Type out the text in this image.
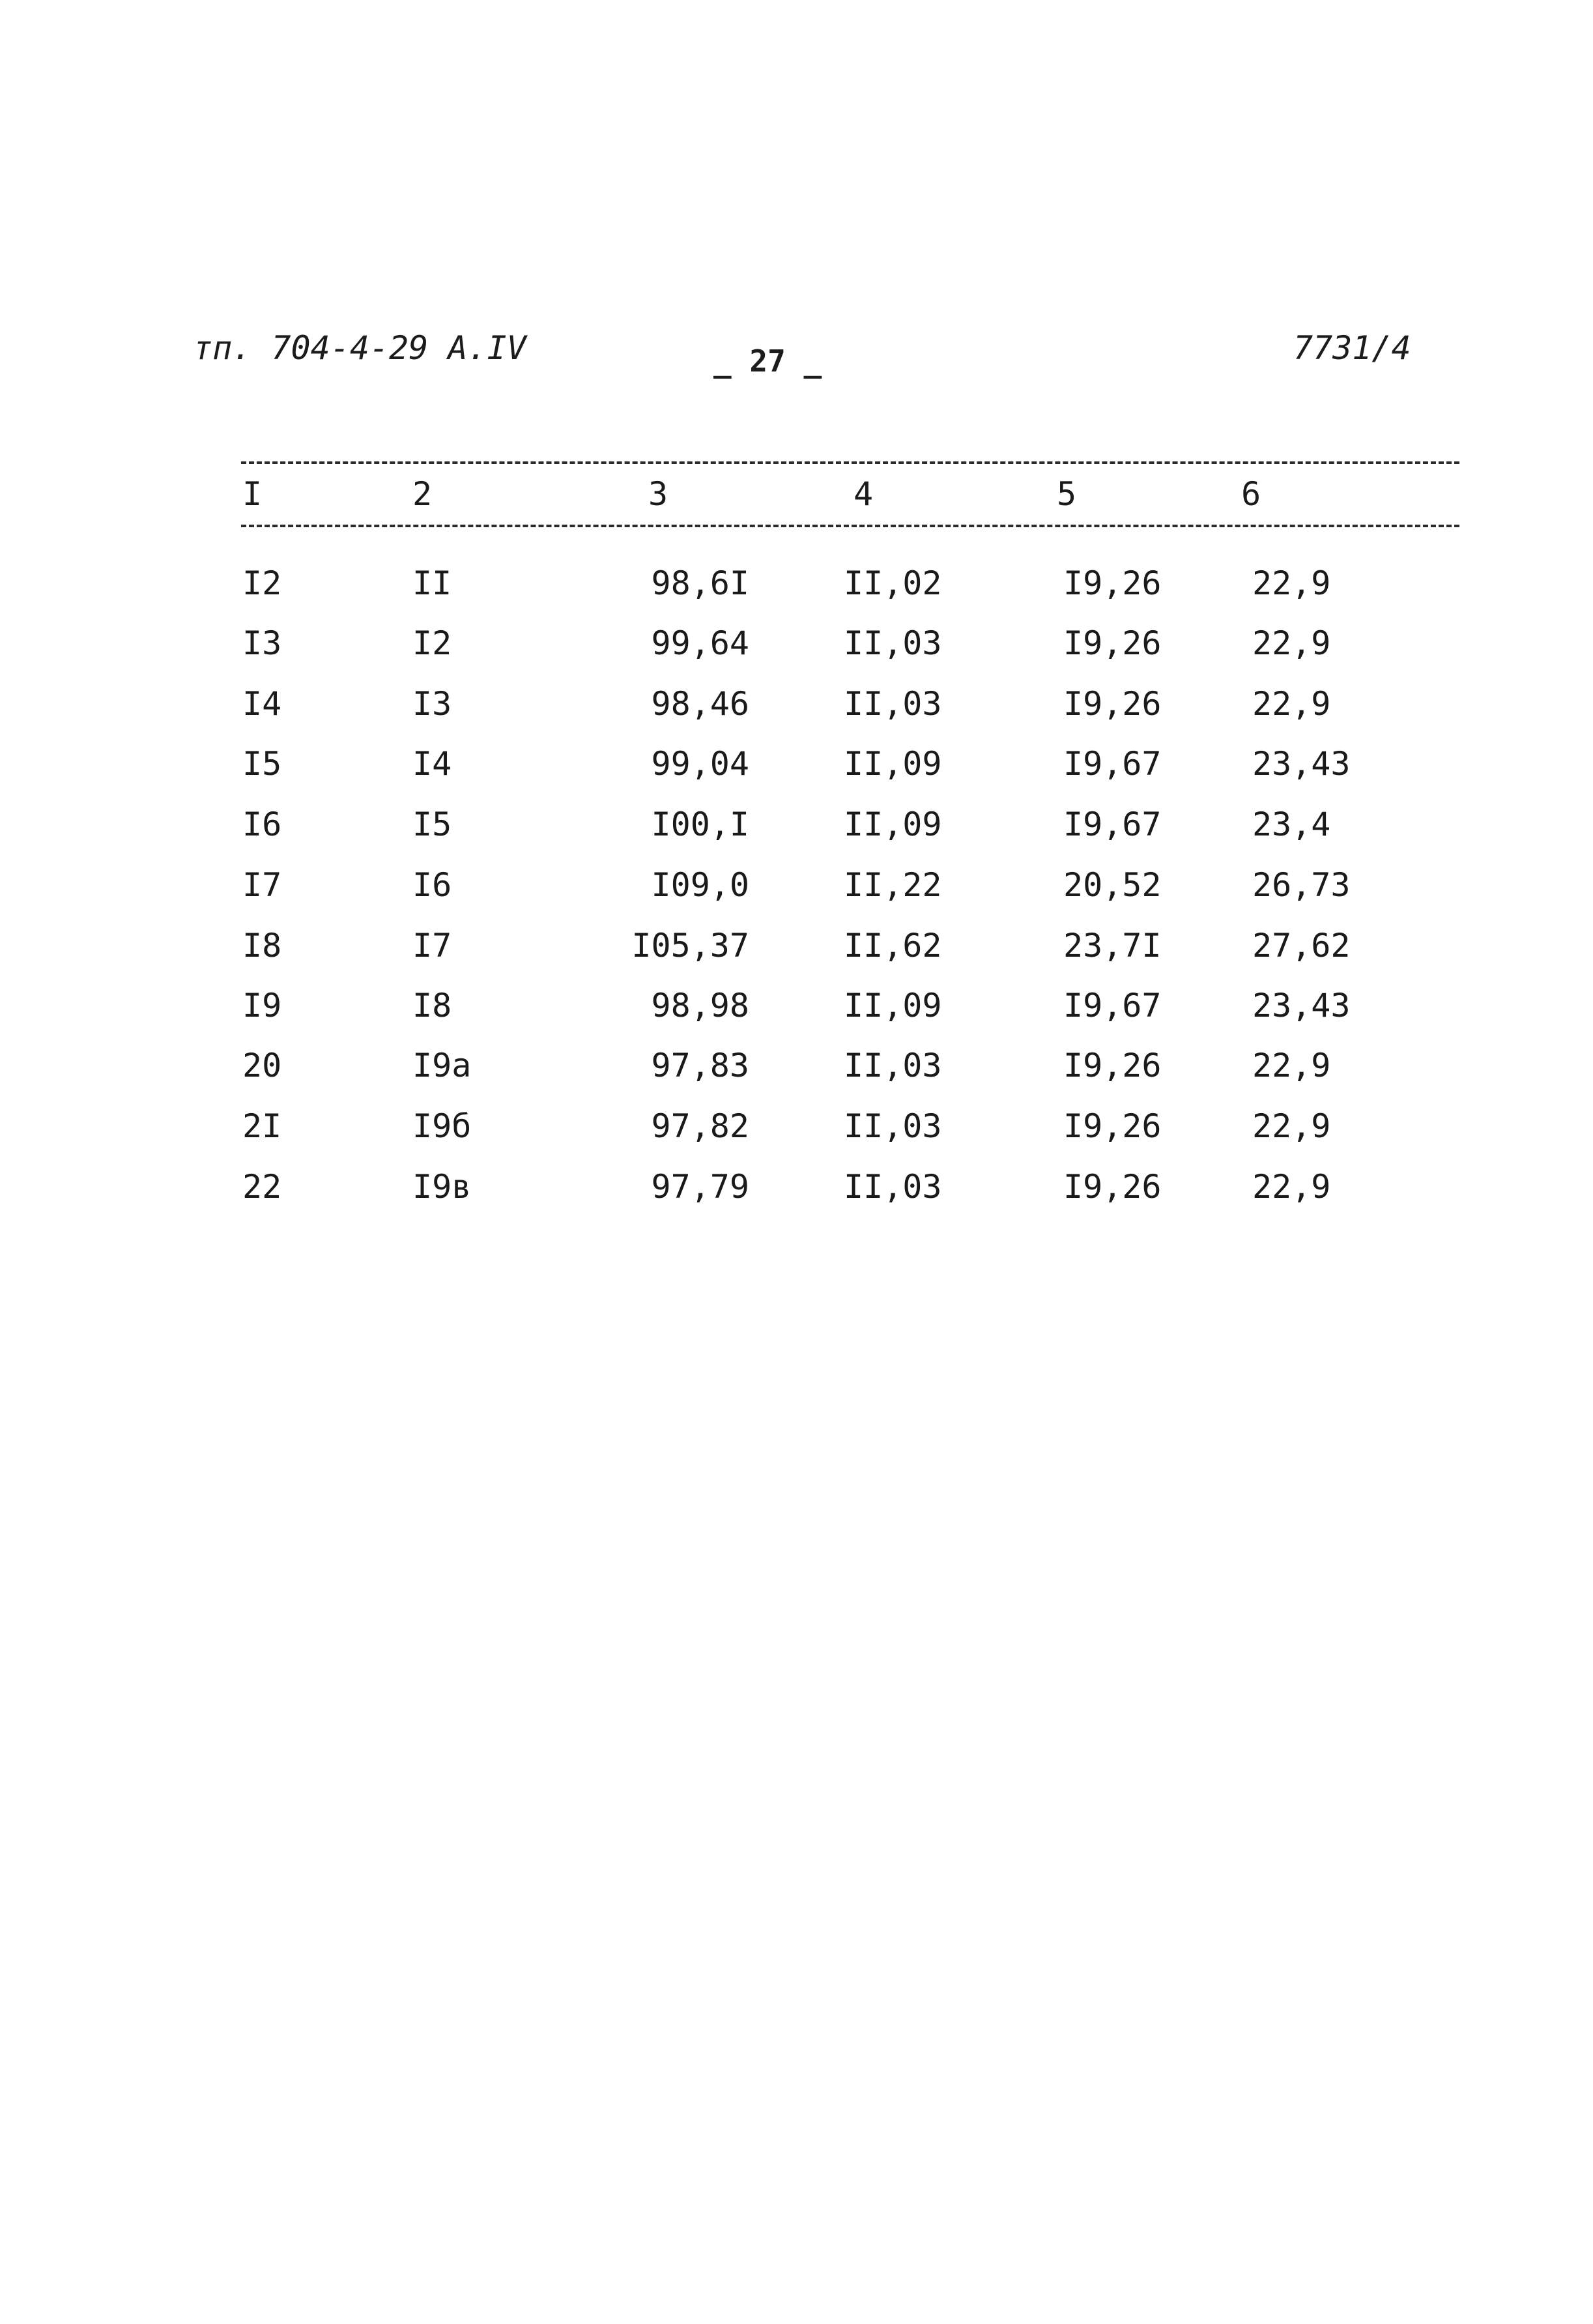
тп. 704-4-29 А.IV	_ 27 _	7731/4
I	2	3	4	5	6
I2	II	98,6I	II,02	I9,26	22,9
I3	I2	99,64	II,03	I9,26	22,9
I4	I3	98,46	II,03	I9,26	22,9
I5	I4	99,04	II,09	I9,67	23,43
I6	I5	I00,I	II,09	I9,67	23,4
I7	I6	I09,0	II,22	20,52	26,73
I8	I7	I05,37	II,62	23,7I	27,62
I9	I8	98,98	II,09	I9,67	23,43
20	I9а	97,83	II,03	I9,26	22,9
2I	I9б	97,82	II,03	I9,26	22,9
22	I9в	97,79	II,03	I9,26	22,9
